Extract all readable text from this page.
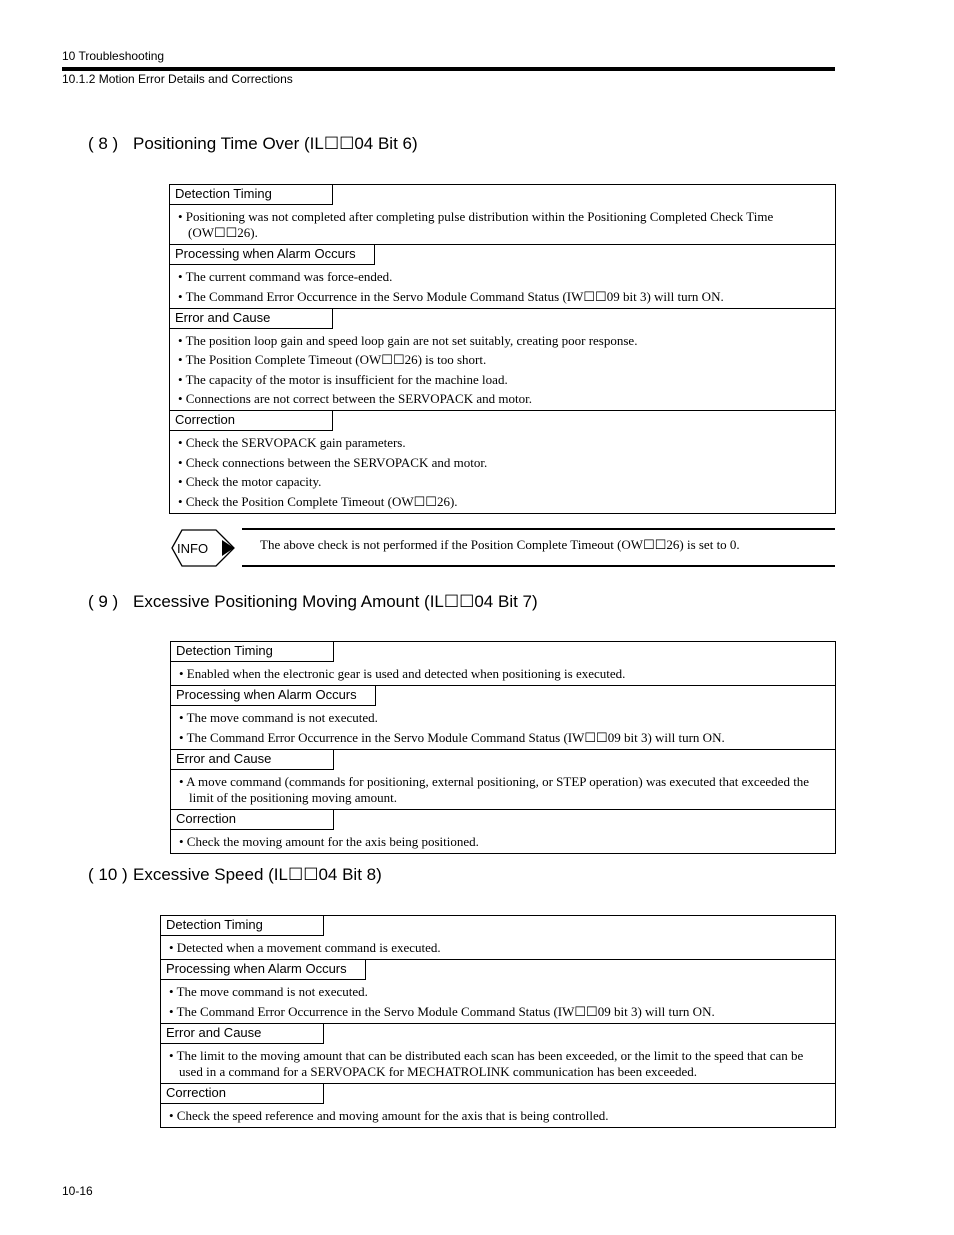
10 Troubleshooting
10.1.2 Motion Error Details and Corrections
( 8 ) Positioning Time Over (IL☐☐04 Bit 6)
Detection Timing
• Positioning was not completed after completing pulse distribution within the Positioning Completed Check Time (OW☐☐26).
Processing when Alarm Occurs
• The current command was force-ended.
• The Command Error Occurrence in the Servo Module Command Status (IW☐☐09 bit 3) will turn ON.
Error and Cause
• The position loop gain and speed loop gain are not set suitably, creating poor response.
• The Position Complete Timeout (OW☐☐26) is too short.
• The capacity of the motor is insufficient for the machine load.
• Connections are not correct between the SERVOPACK and motor.
Correction
• Check the SERVOPACK gain parameters.
• Check connections between the SERVOPACK and motor.
• Check the motor capacity.
• Check the Position Complete Timeout (OW☐☐26).
INFO	The above check is not performed if the Position Complete Timeout (OW☐☐26) is set to 0.
( 9 ) Excessive Positioning Moving Amount (IL☐☐04 Bit 7)
Detection Timing
• Enabled when the electronic gear is used and detected when positioning is executed.
Processing when Alarm Occurs
• The move command is not executed.
• The Command Error Occurrence in the Servo Module Command Status (IW☐☐09 bit 3) will turn ON.
Error and Cause
• A move command (commands for positioning, external positioning, or STEP operation) was executed that exceeded the limit of the positioning moving amount.
Correction
• Check the moving amount for the axis being positioned.
( 10 ) Excessive Speed (IL☐☐04 Bit 8)
Detection Timing
• Detected when a movement command is executed.
Processing when Alarm Occurs
• The move command is not executed.
• The Command Error Occurrence in the Servo Module Command Status (IW☐☐09 bit 3) will turn ON.
Error and Cause
• The limit to the moving amount that can be distributed each scan has been exceeded, or the limit to the speed that can be used in a command for a SERVOPACK for MECHATROLINK communication has been exceeded.
Correction
• Check the speed reference and moving amount for the axis that is being controlled.
10-16
